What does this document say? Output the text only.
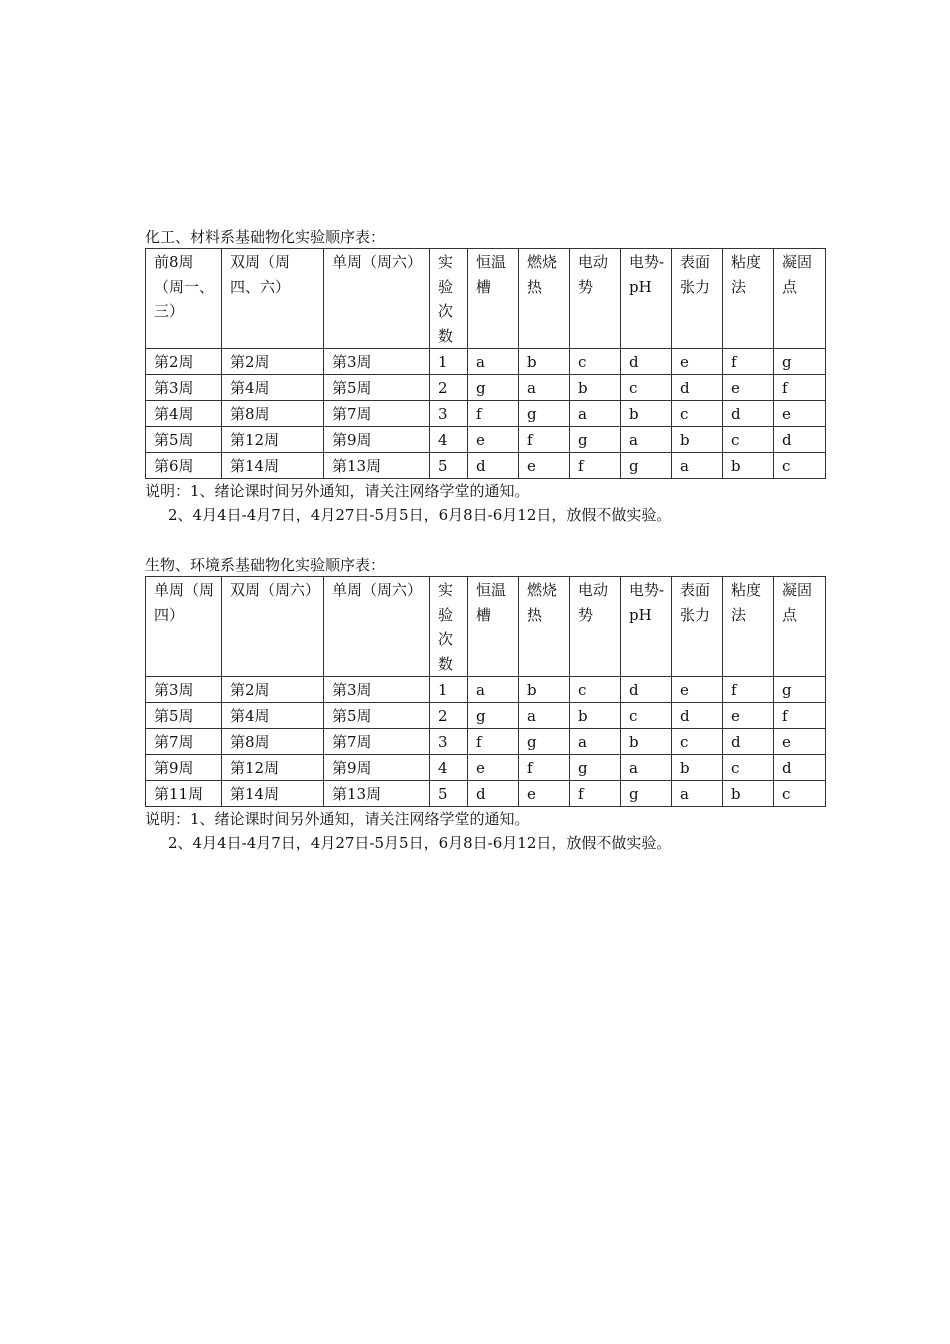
化工、材料系基础物化实验顺序表：
前8周（周一、三）	双周（周四、六）	单周（周六）	实验次数	恒温槽	燃烧热	电动势	电势-pH	表面张力	粘度法	凝固点
第2周	第2周	第3周	1	a	b	c	d	e	f	g
第3周	第4周	第5周	2	g	a	b	c	d	e	f
第4周	第8周	第7周	3	f	g	a	b	c	d	e
第5周	第12周	第9周	4	e	f	g	a	b	c	d
第6周	第14周	第13周	5	d	e	f	g	a	b	c
说明：1、绪论课时间另外通知，请关注网络学堂的通知。
2、4月4日-4月7日，4月27日-5月5日，6月8日-6月12日，放假不做实验。
生物、环境系基础物化实验顺序表：
单周（周四）	双周（周六）	单周（周六）	实验次数	恒温槽	燃烧热	电动势	电势-pH	表面张力	粘度法	凝固点
第3周	第2周	第3周	1	a	b	c	d	e	f	g
第5周	第4周	第5周	2	g	a	b	c	d	e	f
第7周	第8周	第7周	3	f	g	a	b	c	d	e
第9周	第12周	第9周	4	e	f	g	a	b	c	d
第11周	第14周	第13周	5	d	e	f	g	a	b	c
说明：1、绪论课时间另外通知，请关注网络学堂的通知。
2、4月4日-4月7日，4月27日-5月5日，6月8日-6月12日，放假不做实验。
